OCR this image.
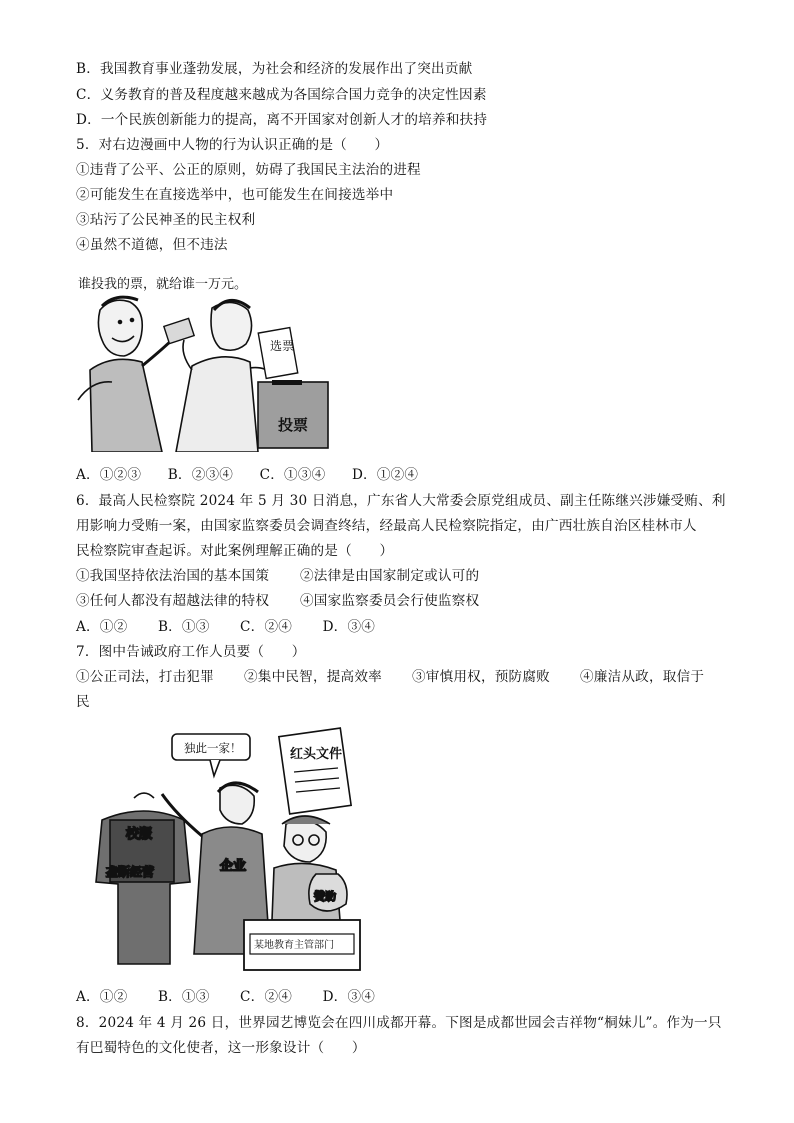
B．我国教育事业蓬勃发展，为社会和经济的发展作出了突出贡献
C．义务教育的普及程度越来越成为各国综合国力竞争的决定性因素
D．一个民族创新能力的提高，离不开国家对创新人才的培养和扶持
5．对右边漫画中人物的行为认识正确的是（　　）
①违背了公平、公正的原则，妨碍了我国民主法治的进程
②可能发生在直接选举中，也可能发生在间接选举中
③玷污了公民神圣的民主权利
④虽然不道德，但不违法
谁投我的票，就给谁一万元。
选票
投票
A．①②③ B．②③④ C．①③④ D．①②④
6．最高人民检察院 2024 年 5 月 30 日消息，广东省人大常委会原党组成员、副主任陈继兴涉嫌受贿、利
用影响力受贿一案，由国家监察委员会调查终结，经最高人民检察院指定，由广西壮族自治区桂林市人
民检察院审查起诉。对此案例理解正确的是（　　）
①我国坚持依法治国的基本国策 ②法律是由国家制定或认可的
③任何人都没有超越法律的特权 ④国家监察委员会行使监察权
A．①② B．①③ C．②④ D．③④
7．图中告诫政府工作人员要（　　）
①公正司法，打击犯罪 ②集中民智，提高效率 ③审慎用权，预防腐败 ④廉洁从政，取信于
民
独此一家！	红头文件
校服
垄断经营	企业
赞助
某地教育主管部门
A．①② B．①③ C．②④ D．③④
8．2024 年 4 月 26 日，世界园艺博览会在四川成都开幕。下图是成都世园会吉祥物“桐妹儿”。作为一只
有巴蜀特色的文化使者，这一形象设计（　　）
